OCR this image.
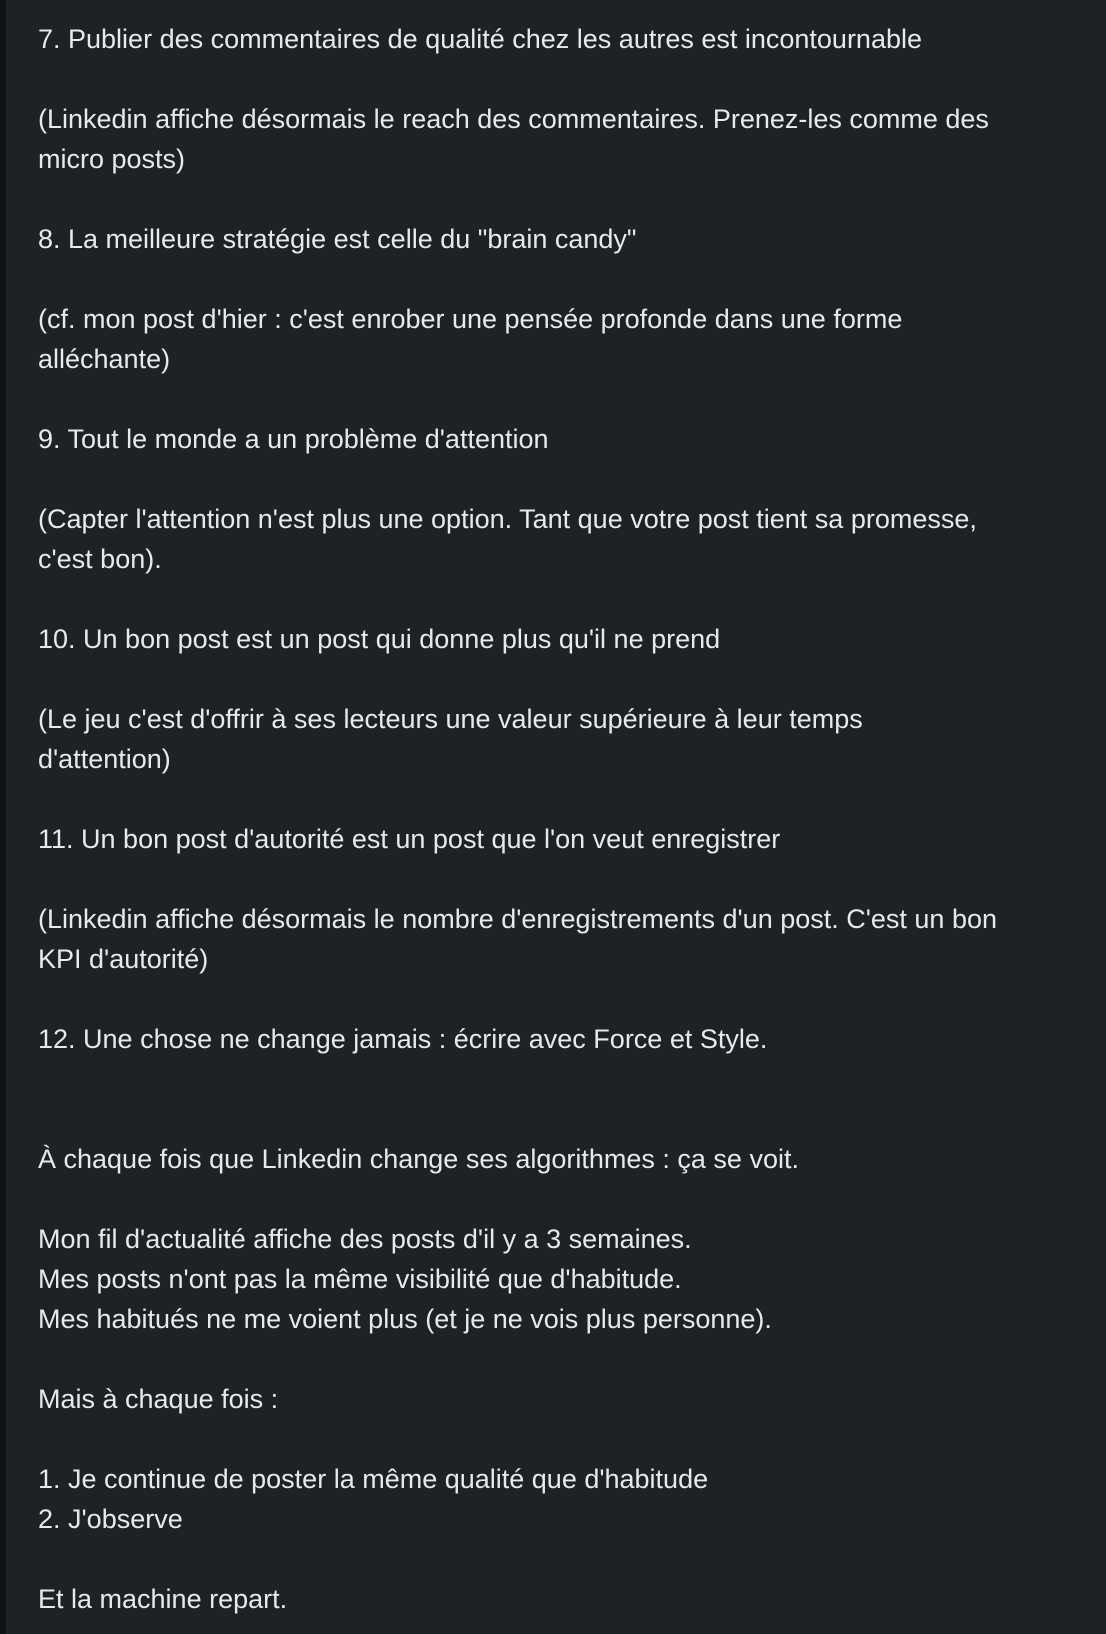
7. Publier des commentaires de qualité chez les autres est incontournable
(Linkedin affiche désormais le reach des commentaires. Prenez-les comme des
micro posts)
8. La meilleure stratégie est celle du "brain candy"
(cf. mon post d'hier : c'est enrober une pensée profonde dans une forme
alléchante)
9. Tout le monde a un problème d'attention
(Capter l'attention n'est plus une option. Tant que votre post tient sa promesse,
c'est bon).
10. Un bon post est un post qui donne plus qu'il ne prend
(Le jeu c'est d'offrir à ses lecteurs une valeur supérieure à leur temps
d'attention)
11. Un bon post d'autorité est un post que l'on veut enregistrer
(Linkedin affiche désormais le nombre d'enregistrements d'un post. C'est un bon
KPI d'autorité)
12. Une chose ne change jamais : écrire avec Force et Style.
À chaque fois que Linkedin change ses algorithmes : ça se voit.
Mon fil d'actualité affiche des posts d'il y a 3 semaines.
Mes posts n'ont pas la même visibilité que d'habitude.
Mes habitués ne me voient plus (et je ne vois plus personne).
Mais à chaque fois :
1. Je continue de poster la même qualité que d'habitude
2. J'observe
Et la machine repart.
